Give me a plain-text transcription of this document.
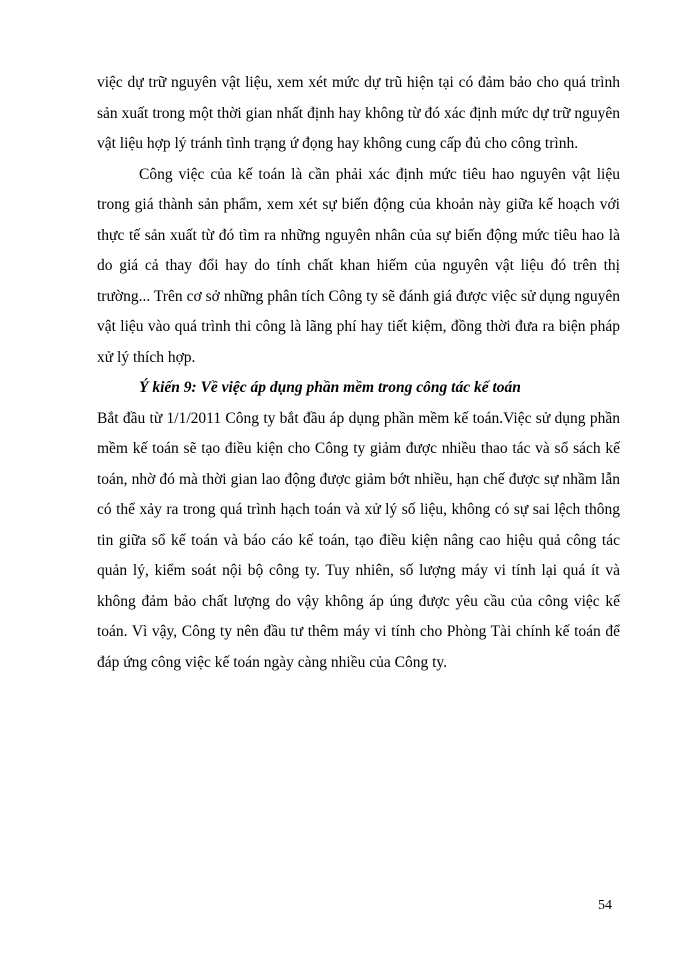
việc dự trữ nguyên vật liệu, xem xét mức dự trũ hiện tại có đảm bảo cho quá trình sản xuất trong một thời gian nhất định hay không từ đó xác định mức dự trữ nguyên vật liệu hợp lý tránh tình trạng ứ đọng hay không cung cấp đủ cho công trình.

Công việc của kế toán là cần phải xác định mức tiêu hao nguyên vật liệu trong giá thành sản phẩm, xem xét sự biến động của khoản này giữa kế hoạch với thực tế sản xuất từ đó tìm ra những nguyên nhân của sự biến động mức tiêu hao là do giá cả thay đổi hay do tính chất khan hiếm của nguyên vật liệu đó trên thị trường... Trên cơ sở những phân tích Công ty sẽ đánh giá được việc sử dụng nguyên vật liệu vào quá trình thi công là lãng phí hay tiết kiệm, đồng thời đưa ra biện pháp xử lý thích hợp.

Ý kiến 9: Về việc áp dụng phần mềm trong công tác kế toán

Bắt đầu từ 1/1/2011 Công ty bắt đầu áp dụng phần mềm kế toán.Việc sử dụng phần mềm kế toán sẽ tạo điều kiện cho Công ty giảm được nhiều thao tác và sổ sách kế toán, nhờ đó mà thời gian lao động được giảm bớt nhiều, hạn chế được sự nhầm lẫn có thể xảy ra trong quá trình hạch toán và xử lý số liệu, không có sự sai lệch thông tin giữa sổ kế toán và báo cáo kế toán, tạo điều kiện nâng cao hiệu quả công tác quản lý, kiểm soát nội bộ công ty. Tuy nhiên, số lượng máy vi tính lại quá ít và không đảm bảo chất lượng do vậy không áp úng được yêu cầu của công việc kế toán. Vì vậy, Công ty nên đầu tư thêm máy vi tính cho Phòng Tài chính kế toán để đáp ứng công việc kế toán ngày càng nhiều của Công ty.

54
